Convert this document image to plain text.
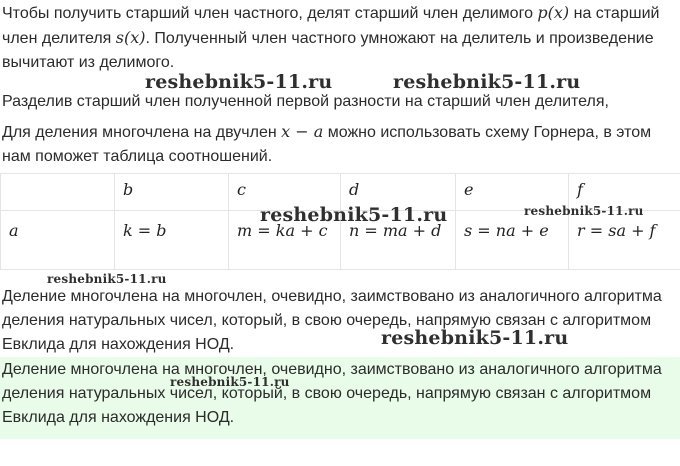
Чтобы получить старший член частного, делят старший член делимого p(x) на старший член делителя s(x). Полученный член частного умножают на делитель и произведение вычитают из делимого.

Разделив старший член полученной первой разности на старший член делителя,

Для деления многочлена на двучлен x − a можно использовать схему Горнера, в этом нам поможет таблица соотношений.

	b	c	d	e	f
a	k = b	m = ka + c	n = ma + d	s = na + e	r = sa + f

Деление многочлена на многочлен, очевидно, заимствовано из аналогичного алгоритма деления натуральных чисел, который, в свою очередь, напрямую связан с алгоритмом Евклида для нахождения НОД.

Деление многочлена на многочлен, очевидно, заимствовано из аналогичного алгоритма деления натуральных чисел, который, в свою очередь, напрямую связан с алгоритмом Евклида для нахождения НОД.

reshebnik5-11.ru	reshebnik5-11.ru
reshebnik5-11.ru	reshebnik5-11.ru
reshebnik5-11.ru
reshebnik5-11.ru
reshebnik5-11.ru
